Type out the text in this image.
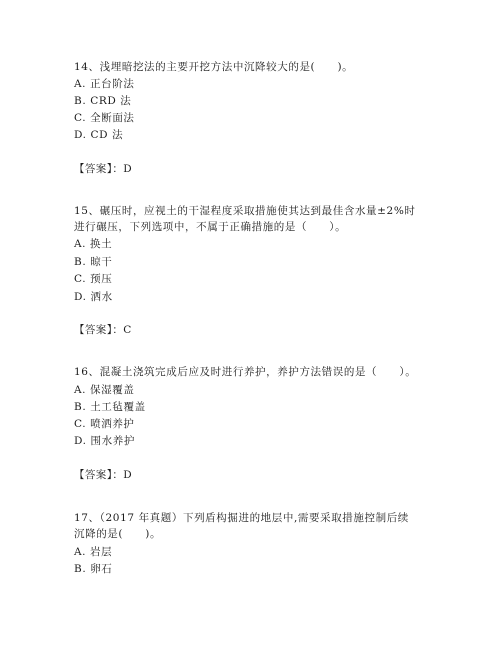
14、浅埋暗挖法的主要开挖方法中沉降较大的是(　　)。
A. 正台阶法
B. CRD 法
C. 全断面法
D. CD 法
【答案】：D
15、碾压时，应视土的干湿程度采取措施使其达到最佳含水量±2%时
进行碾压，下列选项中，不属于正确措施的是（　　）。
A. 换土
B. 晾干
C. 预压
D. 洒水
【答案】：C
16、混凝土浇筑完成后应及时进行养护，养护方法错误的是（　　）。
A. 保湿覆盖
B. 土工毡覆盖
C. 喷洒养护
D. 围水养护
【答案】：D
17、（2017 年真题）下列盾构掘进的地层中,需要采取措施控制后续
沉降的是(　　)。
A. 岩层
B. 卵石
